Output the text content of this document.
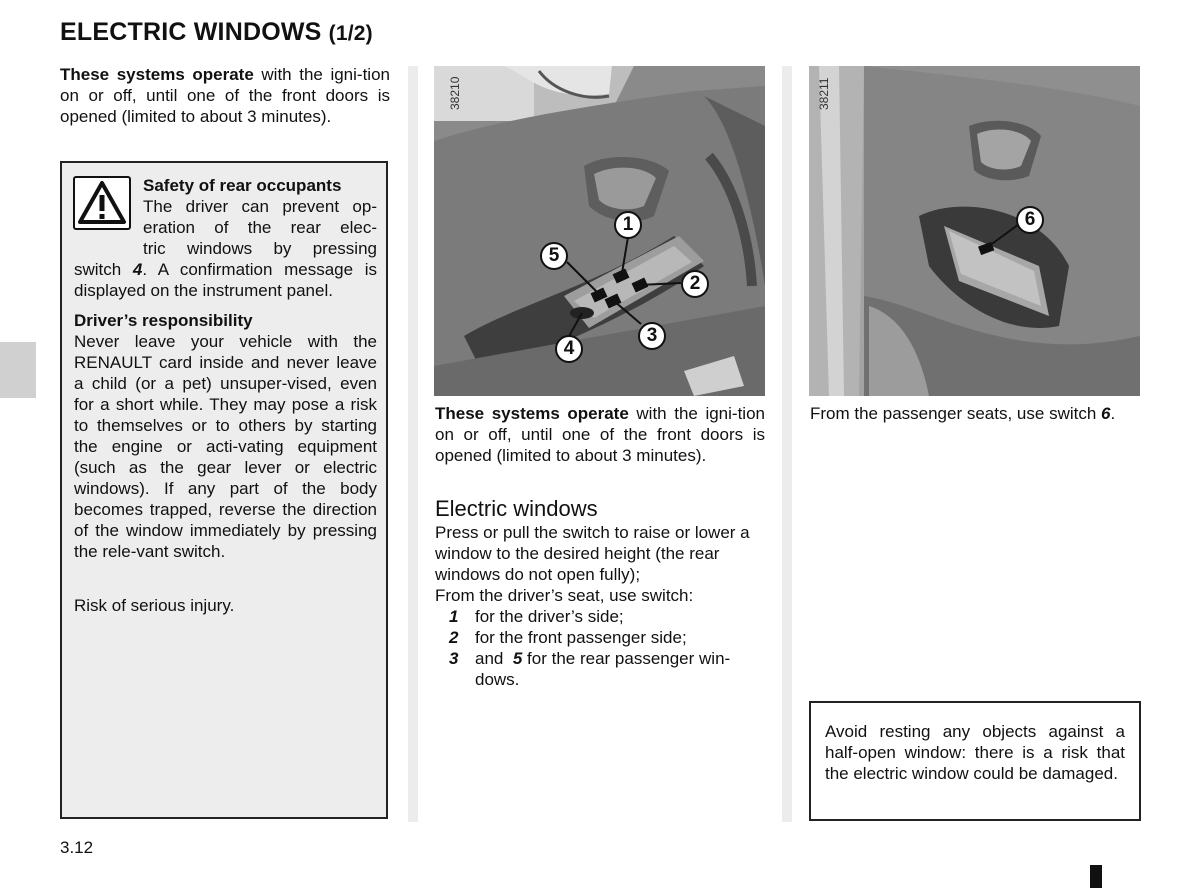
ELECTRIC WINDOWS (1/2)
These systems operate with the igni-tion on or off, until one of the front doors is opened (limited to about 3 minutes).
Safety of rear occupants
The driver can prevent op-
eration of the rear elec-
tric windows by pressing
switch 4. A confirmation message is displayed on the instrument panel.
Driver’s responsibility
Never leave your vehicle with the RENAULT card inside and never leave a child (or a pet) unsuper-vised, even for a short while. They may pose a risk to themselves or to others by starting the engine or acti-vating equipment (such as the gear lever or electric windows). If any part of the body becomes trapped, reverse the direction of the window immediately by pressing the rele-vant switch.
Risk of serious injury.
38210
1
2
3
4
5
38211
6
These systems operate with the igni-tion on or off, until one of the front doors is opened (limited to about 3 minutes).
Electric windows
Press or pull the switch to raise or lower a window to the desired height (the rear windows do not open fully);
From the driver’s seat, use switch:
1 for the driver’s side;
2 for the front passenger side;
3 and 5 for the rear passenger win-dows.
From the passenger seats, use switch 6.
Avoid resting any objects against a half-open window: there is a risk that the electric window could be damaged.
3.12
